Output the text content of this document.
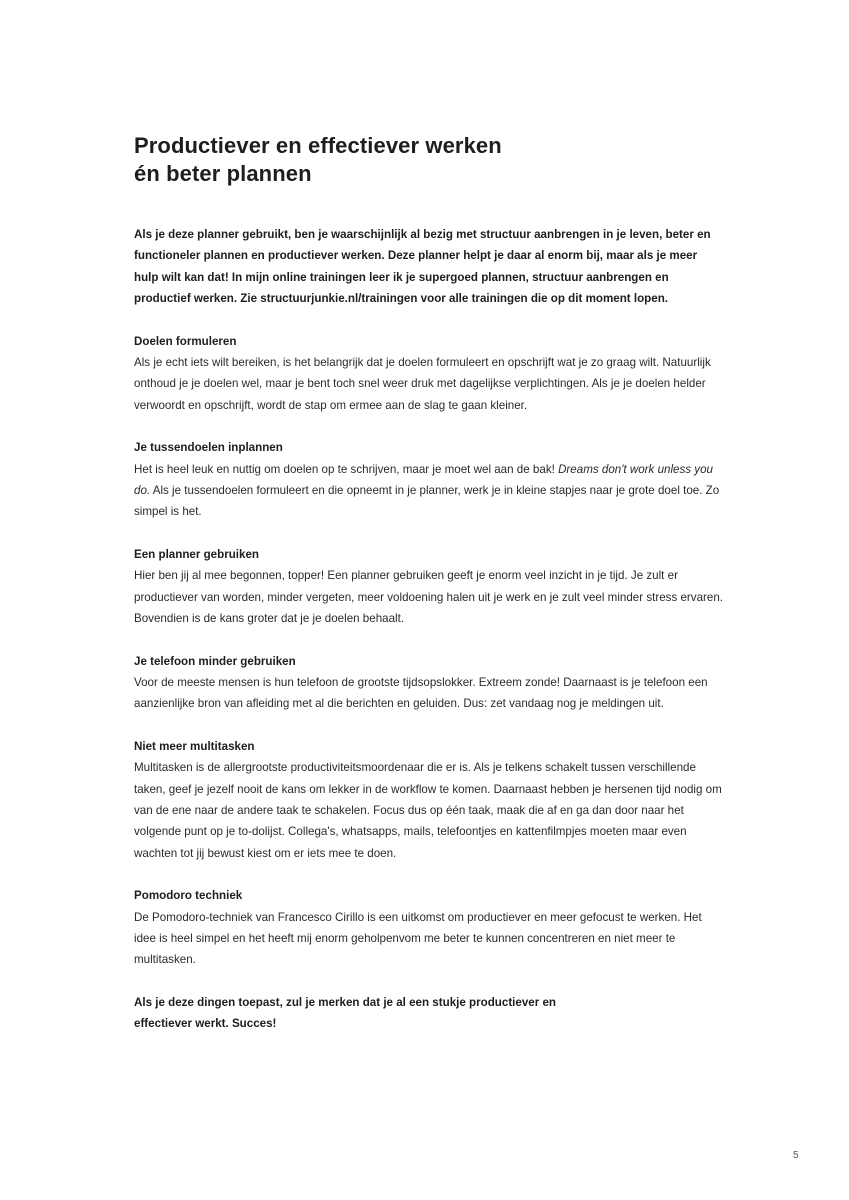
Productiever en effectiever werken
én beter plannen

Als je deze planner gebruikt, ben je waarschijnlijk al bezig met structuur aanbrengen in je leven, beter en functioneler plannen en productiever werken. Deze planner helpt je daar al enorm bij, maar als je meer hulp wilt kan dat! In mijn online trainingen leer ik je supergoed plannen, structuur aanbrengen en productief werken. Zie structuurjunkie.nl/trainingen voor alle trainingen die op dit moment lopen.

Doelen formuleren

Als je echt iets wilt bereiken, is het belangrijk dat je doelen formuleert en opschrijft wat je zo graag wilt. Natuurlijk onthoud je je doelen wel, maar je bent toch snel weer druk met dagelijkse verplichtingen. Als je je doelen helder verwoordt en opschrijft, wordt de stap om ermee aan de slag te gaan kleiner.

Je tussendoelen inplannen

Het is heel leuk en nuttig om doelen op te schrijven, maar je moet wel aan de bak! Dreams don't work unless you do. Als je tussendoelen formuleert en die opneemt in je planner, werk je in kleine stapjes naar je grote doel toe. Zo simpel is het.

Een planner gebruiken

Hier ben jij al mee begonnen, topper! Een planner gebruiken geeft je enorm veel inzicht in je tijd. Je zult er productiever van worden, minder vergeten, meer voldoening halen uit je werk en je zult veel minder stress ervaren. Bovendien is de kans groter dat je je doelen behaalt.

Je telefoon minder gebruiken

Voor de meeste mensen is hun telefoon de grootste tijdsopslokker. Extreem zonde! Daarnaast is je telefoon een aanzienlijke bron van afleiding met al die berichten en geluiden. Dus: zet vandaag nog je meldingen uit.

Niet meer multitasken

Multitasken is de allergrootste productiviteitsmoordenaar die er is. Als je telkens schakelt tussen verschillende taken, geef je jezelf nooit de kans om lekker in de workflow te komen. Daarnaast hebben je hersenen tijd nodig om van de ene naar de andere taak te schakelen. Focus dus op één taak, maak die af en ga dan door naar het volgende punt op je to-dolijst. Collega's, whatsapps, mails, telefoontjes en kattenfilmpjes moeten maar even wachten tot jij bewust kiest om er iets mee te doen.

Pomodoro techniek

De Pomodoro-techniek van Francesco Cirillo is een uitkomst om productiever en meer gefocust te werken. Het idee is heel simpel en het heeft mij enorm geholpenvom me beter te kunnen concentreren en niet meer te multitasken.

Als je deze dingen toepast, zul je merken dat je al een stukje productiever en effectiever werkt. Succes!

5
